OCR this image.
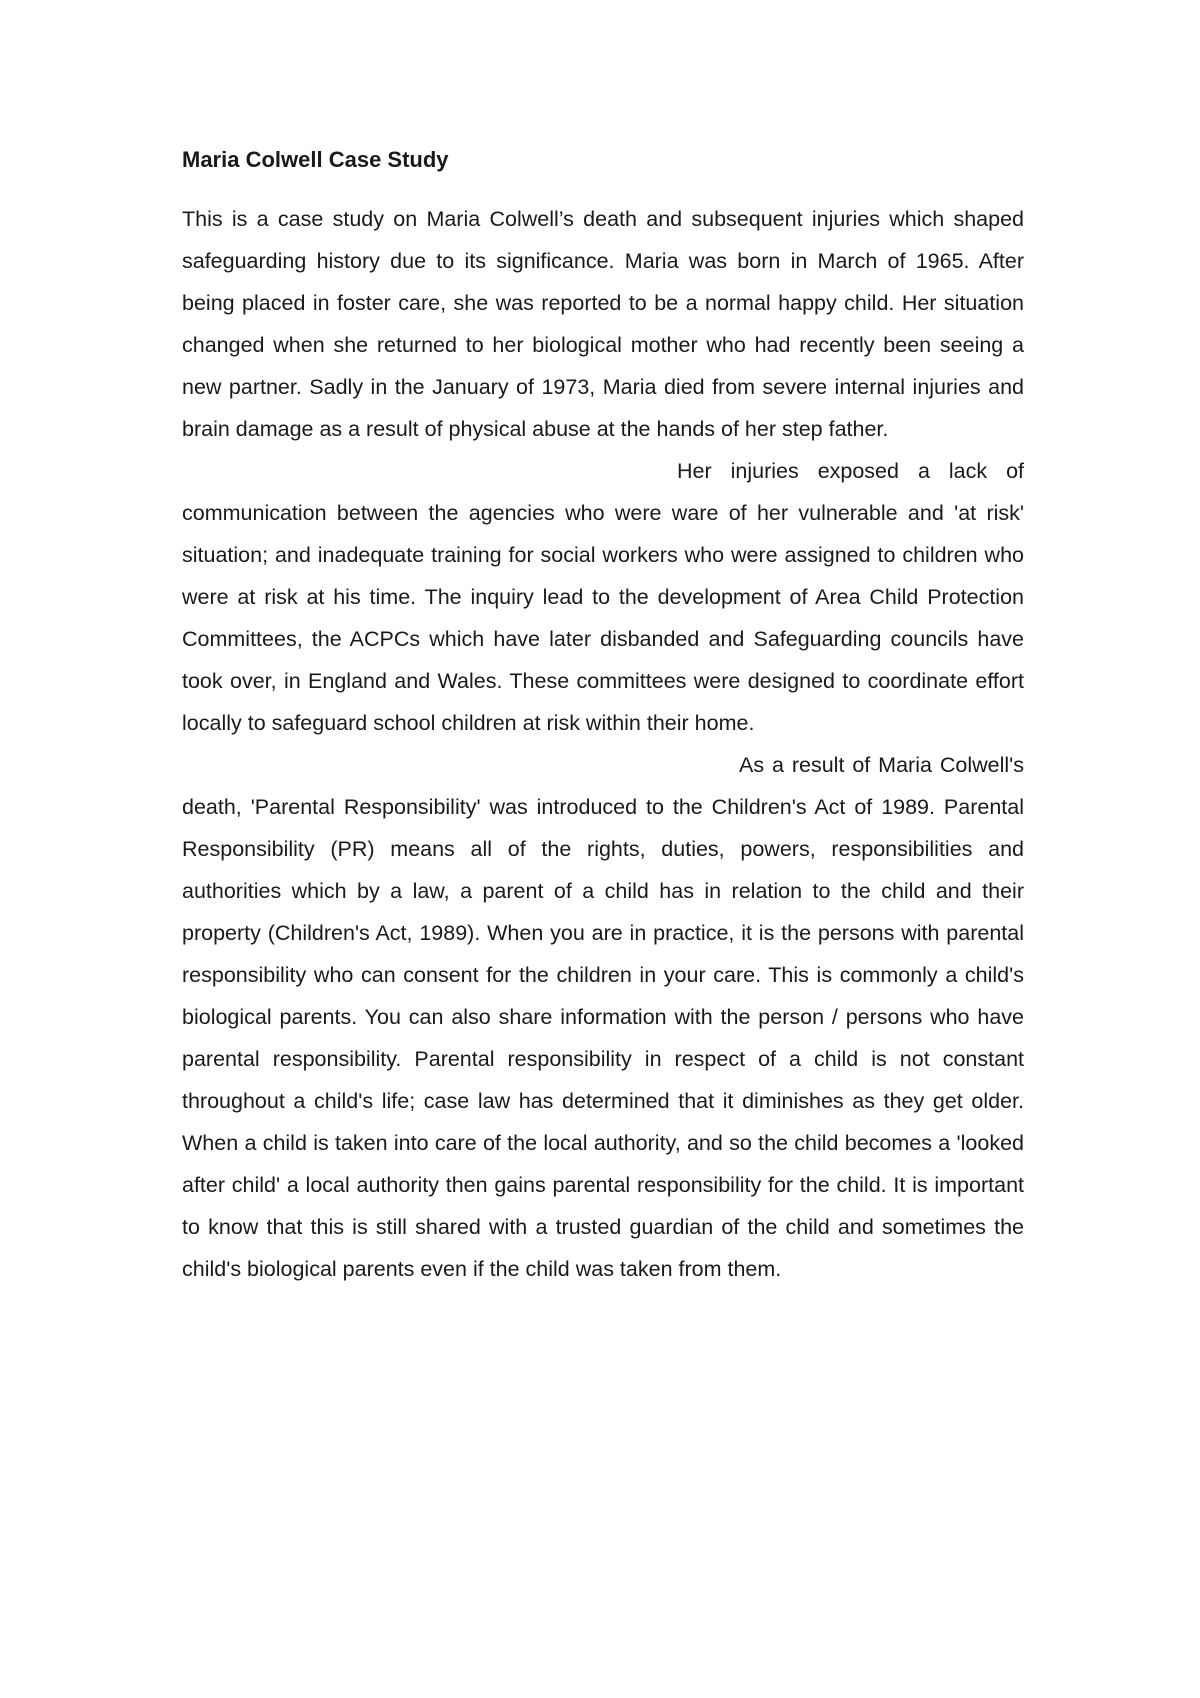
Maria Colwell Case Study

This is a case study on Maria Colwell’s death and subsequent injuries which shaped safeguarding history due to its significance. Maria was born in March of 1965. After being placed in foster care, she was reported to be a normal happy child. Her situation changed when she returned to her biological mother who had recently been seeing a new partner. Sadly in the January of 1973, Maria died from severe internal injuries and brain damage as a result of physical abuse at the hands of her step father.

Her injuries exposed a lack of communication between the agencies who were ware of her vulnerable and 'at risk' situation; and inadequate training for social workers who were assigned to children who were at risk at his time. The inquiry lead to the development of Area Child Protection Committees, the ACPCs which have later disbanded and Safeguarding councils have took over, in England and Wales. These committees were designed to coordinate effort locally to safeguard school children at risk within their home.

As a result of Maria Colwell's death, 'Parental Responsibility' was introduced to the Children's Act of 1989. Parental Responsibility (PR) means all of the rights, duties, powers, responsibilities and authorities which by a law, a parent of a child has in relation to the child and their property (Children's Act, 1989). When you are in practice, it is the persons with parental responsibility who can consent for the children in your care. This is commonly a child's biological parents. You can also share information with the person / persons who have parental responsibility. Parental responsibility in respect of a child is not constant throughout a child's life; case law has determined that it diminishes as they get older. When a child is taken into care of the local authority, and so the child becomes a 'looked after child' a local authority then gains parental responsibility for the child. It is important to know that this is still shared with a trusted guardian of the child and sometimes the child's biological parents even if the child was taken from them.
